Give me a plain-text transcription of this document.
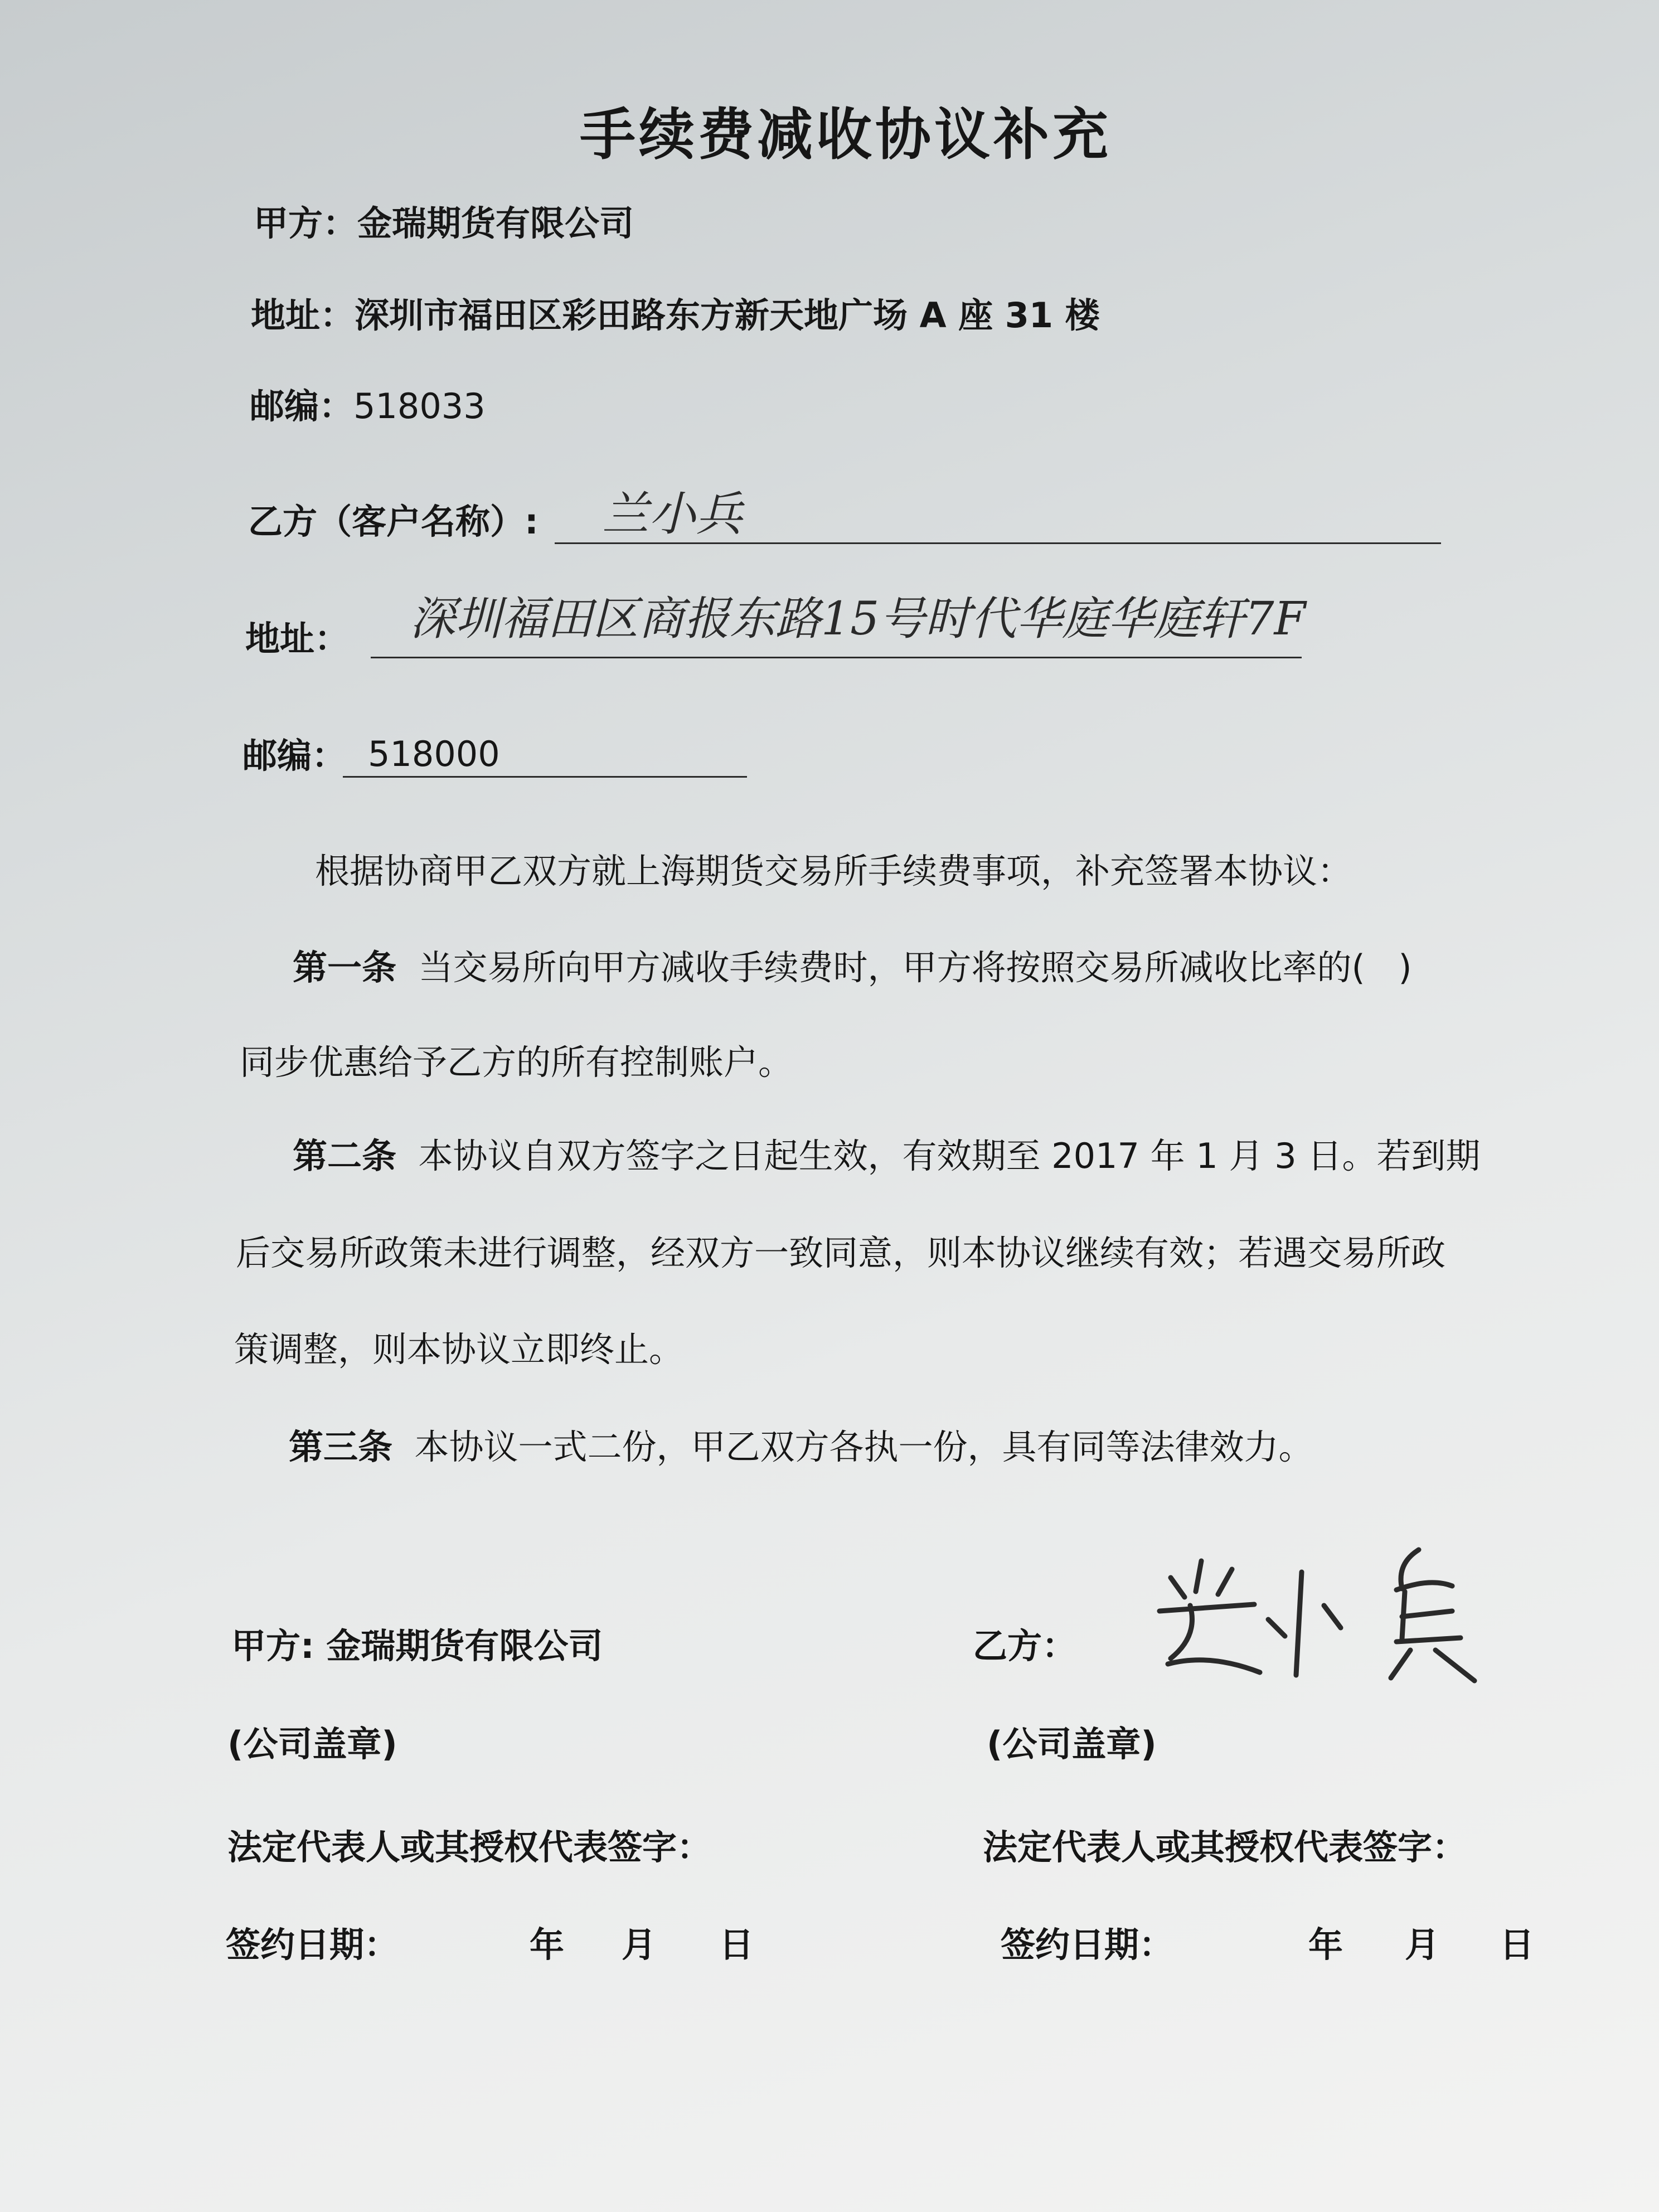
手续费减收协议补充
甲方：金瑞期货有限公司
地址：深圳市福田区彩田路东方新天地广场 A 座 31 楼
邮编：518033
乙方（客户名称）: 兰小兵
地址： 深圳福田区商报东路15号时代华庭华庭轩7F
邮编： 518000
根据协商甲乙双方就上海期货交易所手续费事项，补充签署本协议：
第一条 当交易所向甲方减收手续费时，甲方将按照交易所减收比率的( )
同步优惠给予乙方的所有控制账户。
第二条 本协议自双方签字之日起生效，有效期至 2017 年 1 月 3 日。若到期
后交易所政策未进行调整，经双方一致同意，则本协议继续有效；若遇交易所政
策调整，则本协议立即终止。
第三条 本协议一式二份，甲乙双方各执一份，具有同等法律效力。
甲方: 金瑞期货有限公司
(公司盖章)
法定代表人或其授权代表签字：
签约日期：	年 月 日
乙方：
(公司盖章)
法定代表人或其授权代表签字：
签约日期：	年 月 日
